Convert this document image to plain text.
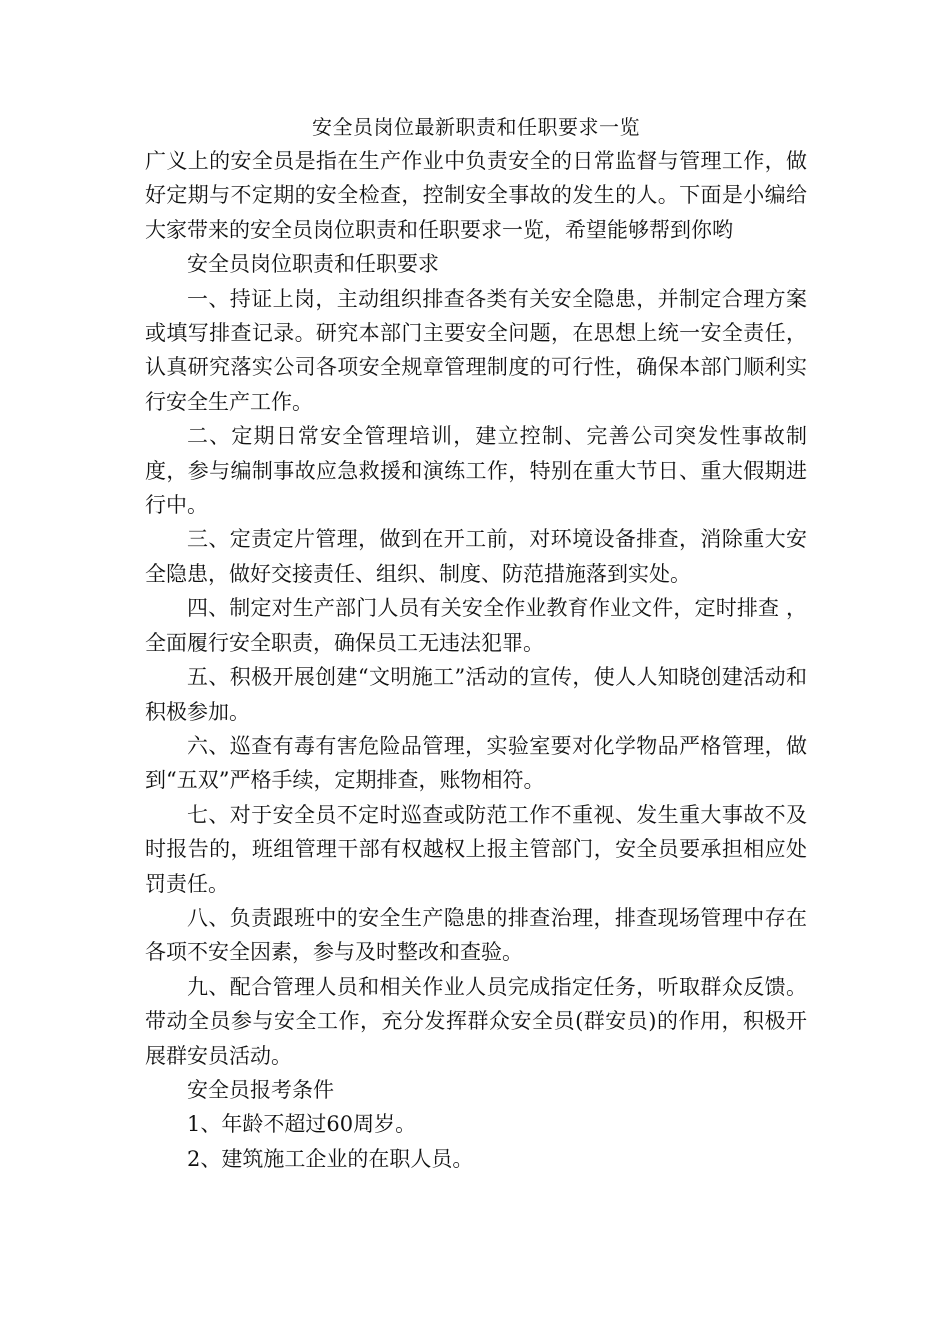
安全员岗位最新职责和任职要求一览

广义上的安全员是指在生产作业中负责安全的日常监督与管理工作，做好定期与不定期的安全检查，控制安全事故的发生的人。下面是小编给大家带来的安全员岗位职责和任职要求一览，希望能够帮到你哟

安全员岗位职责和任职要求

一、持证上岗，主动组织排查各类有关安全隐患，并制定合理方案或填写排查记录。研究本部门主要安全问题，在思想上统一安全责任，认真研究落实公司各项安全规章管理制度的可行性，确保本部门顺利实行安全生产工作。

二、定期日常安全管理培训，建立控制、完善公司突发性事故制度，参与编制事故应急救援和演练工作，特别在重大节日、重大假期进行中。

三、定责定片管理，做到在开工前，对环境设备排查，消除重大安全隐患，做好交接责任、组织、制度、防范措施落到实处。

四、制定对生产部门人员有关安全作业教育作业文件，定时排查 ，全面履行安全职责，确保员工无违法犯罪。

五、积极开展创建“文明施工”活动的宣传，使人人知晓创建活动和积极参加。

六、巡查有毒有害危险品管理，实验室要对化学物品严格管理，做到“五双”严格手续，定期排查，账物相符。

七、对于安全员不定时巡查或防范工作不重视、发生重大事故不及时报告的，班组管理干部有权越权上报主管部门，安全员要承担相应处罚责任。

八、负责跟班中的安全生产隐患的排查治理，排查现场管理中存在各项不安全因素，参与及时整改和查验。

九、配合管理人员和相关作业人员完成指定任务，听取群众反馈。带动全员参与安全工作，充分发挥群众安全员(群安员)的作用，积极开展群安员活动。

安全员报考条件

1、年龄不超过60周岁。

2、建筑施工企业的在职人员。
